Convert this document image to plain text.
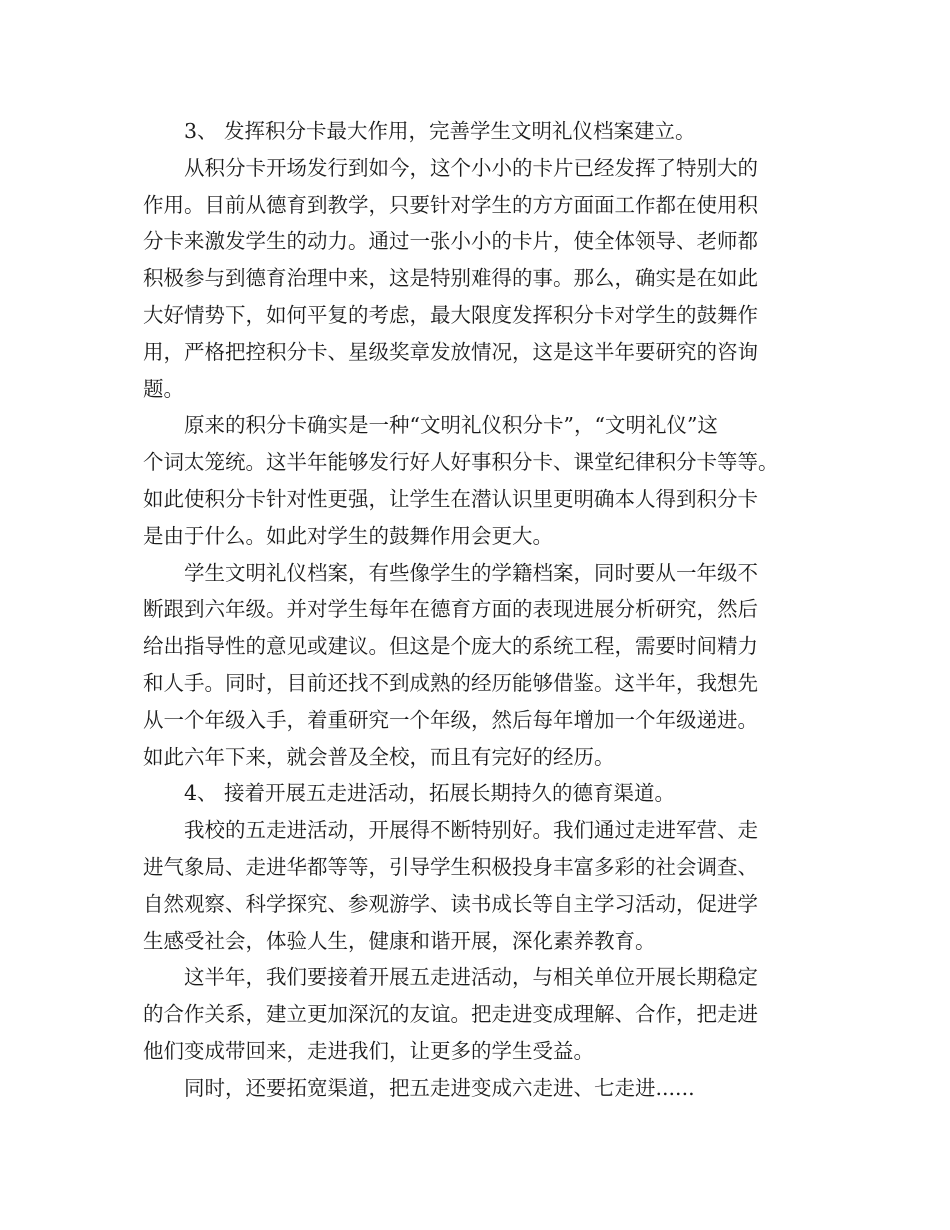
3、 发挥积分卡最大作用，完善学生文明礼仪档案建立。
从积分卡开场发行到如今，这个小小的卡片已经发挥了特别大的
作用。目前从德育到教学，只要针对学生的方方面面工作都在使用积
分卡来激发学生的动力。通过一张小小的卡片，使全体领导、老师都
积极参与到德育治理中来，这是特别难得的事。那么，确实是在如此
大好情势下，如何平复的考虑，最大限度发挥积分卡对学生的鼓舞作
用，严格把控积分卡、星级奖章发放情况，这是这半年要研究的咨询
题。
原来的积分卡确实是一种“文明礼仪积分卡”，“文明礼仪”这
个词太笼统。这半年能够发行好人好事积分卡、课堂纪律积分卡等等。
如此使积分卡针对性更强，让学生在潜认识里更明确本人得到积分卡
是由于什么。如此对学生的鼓舞作用会更大。
学生文明礼仪档案，有些像学生的学籍档案，同时要从一年级不
断跟到六年级。并对学生每年在德育方面的表现进展分析研究，然后
给出指导性的意见或建议。但这是个庞大的系统工程，需要时间精力
和人手。同时，目前还找不到成熟的经历能够借鉴。这半年，我想先
从一个年级入手，着重研究一个年级，然后每年增加一个年级递进。
如此六年下来，就会普及全校，而且有完好的经历。
4、 接着开展五走进活动，拓展长期持久的德育渠道。
我校的五走进活动，开展得不断特别好。我们通过走进军营、走
进气象局、走进华都等等，引导学生积极投身丰富多彩的社会调查、
自然观察、科学探究、参观游学、读书成长等自主学习活动，促进学
生感受社会，体验人生，健康和谐开展，深化素养教育。
这半年，我们要接着开展五走进活动，与相关单位开展长期稳定
的合作关系，建立更加深沉的友谊。把走进变成理解、合作，把走进
他们变成带回来，走进我们，让更多的学生受益。
同时，还要拓宽渠道，把五走进变成六走进、七走进......
